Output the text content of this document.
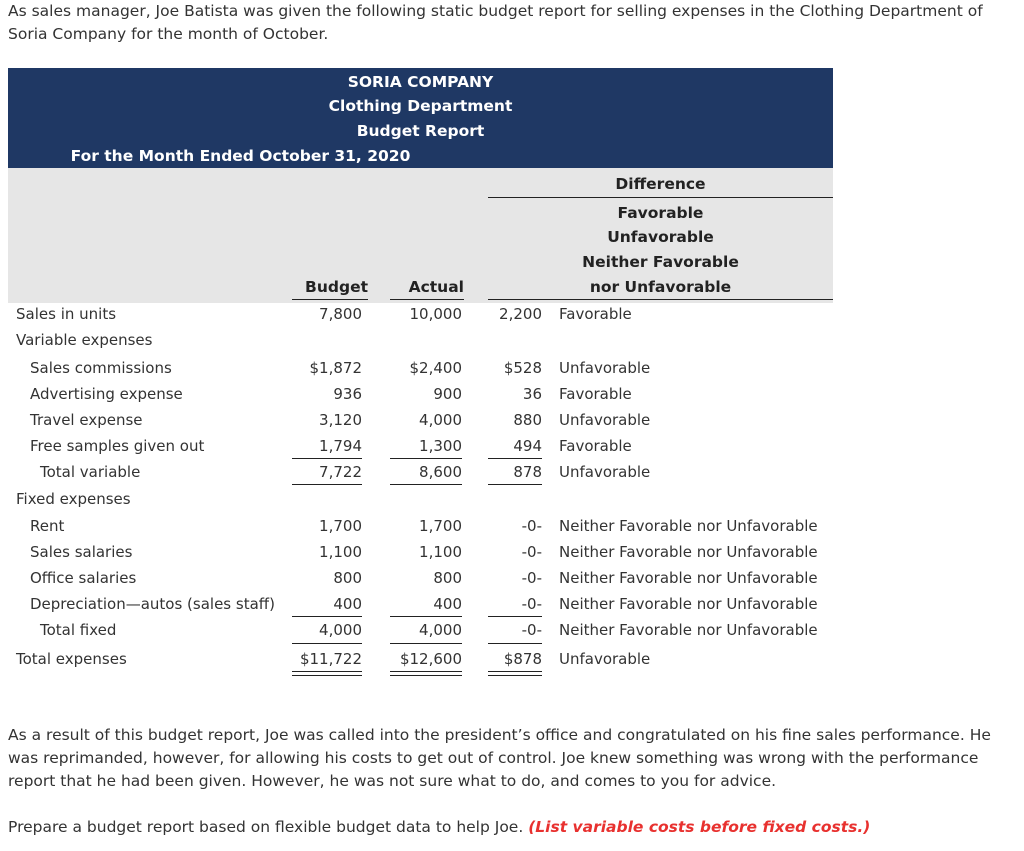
As sales manager, Joe Batista was given the following static budget report for selling expenses in the Clothing Department of Soria Company for the month of October.
SORIA COMPANY
Clothing Department
Budget Report
For the Month Ended October 31, 2020
Difference
Favorable
Unfavorable
Neither Favorable
nor Unfavorable
Budget	Actual
Sales in units	7,800	10,000	2,200 Favorable
Variable expenses
Sales commissions	$1,872	$2,400	$528 Unfavorable
Advertising expense	936	900	36 Favorable
Travel expense	3,120	4,000	880 Unfavorable
Free samples given out	1,794	1,300	494 Favorable
Total variable	7,722	8,600	878 Unfavorable
Fixed expenses
Rent	1,700	1,700	-0- Neither Favorable nor Unfavorable
Sales salaries	1,100	1,100	-0- Neither Favorable nor Unfavorable
Office salaries	800	800	-0- Neither Favorable nor Unfavorable
Depreciation—autos (sales staff)	400	400	-0- Neither Favorable nor Unfavorable
Total fixed	4,000	4,000	-0- Neither Favorable nor Unfavorable
Total expenses	$11,722	$12,600	$878 Unfavorable
As a result of this budget report, Joe was called into the president’s office and congratulated on his fine sales performance. He was reprimanded, however, for allowing his costs to get out of control. Joe knew something was wrong with the performance report that he had been given. However, he was not sure what to do, and comes to you for advice.
Prepare a budget report based on flexible budget data to help Joe. (List variable costs before fixed costs.)
